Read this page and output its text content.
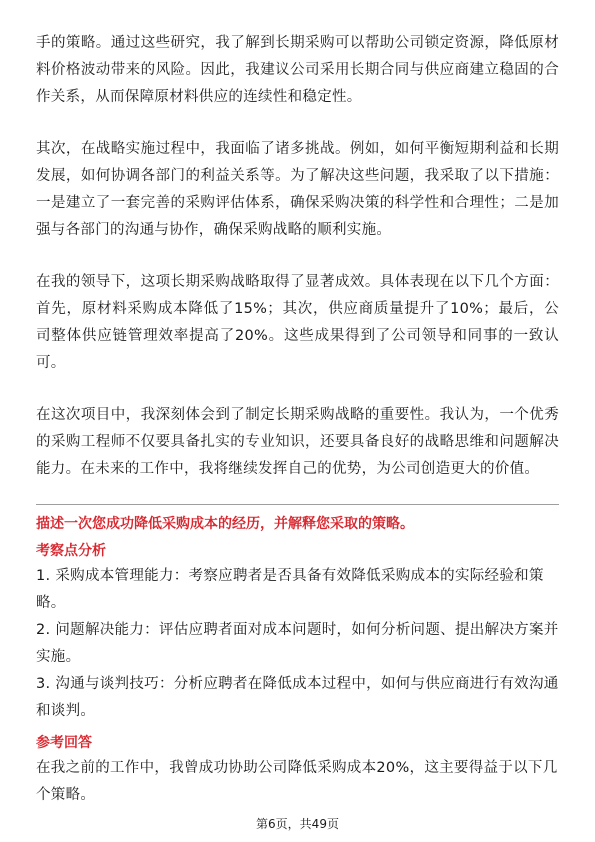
手的策略。通过这些研究，我了解到长期采购可以帮助公司锁定资源，降低原材料价格波动带来的风险。因此，我建议公司采用长期合同与供应商建立稳固的合作关系，从而保障原材料供应的连续性和稳定性。

其次，在战略实施过程中，我面临了诸多挑战。例如，如何平衡短期利益和长期发展，如何协调各部门的利益关系等。为了解决这些问题，我采取了以下措施：一是建立了一套完善的采购评估体系，确保采购决策的科学性和合理性；二是加强与各部门的沟通与协作，确保采购战略的顺利实施。

在我的领导下，这项长期采购战略取得了显著成效。具体表现在以下几个方面：首先，原材料采购成本降低了15%；其次，供应商质量提升了10%；最后，公司整体供应链管理效率提高了20%。这些成果得到了公司领导和同事的一致认可。

在这次项目中，我深刻体会到了制定长期采购战略的重要性。我认为，一个优秀的采购工程师不仅要具备扎实的专业知识，还要具备良好的战略思维和问题解决能力。在未来的工作中，我将继续发挥自己的优势，为公司创造更大的价值。

描述一次您成功降低采购成本的经历，并解释您采取的策略。

考察点分析

1. 采购成本管理能力：考察应聘者是否具备有效降低采购成本的实际经验和策略。

2. 问题解决能力：评估应聘者面对成本问题时，如何分析问题、提出解决方案并实施。

3. 沟通与谈判技巧：分析应聘者在降低成本过程中，如何与供应商进行有效沟通和谈判。

参考回答

在我之前的工作中，我曾成功协助公司降低采购成本20%，这主要得益于以下几个策略。

第6页，共49页
